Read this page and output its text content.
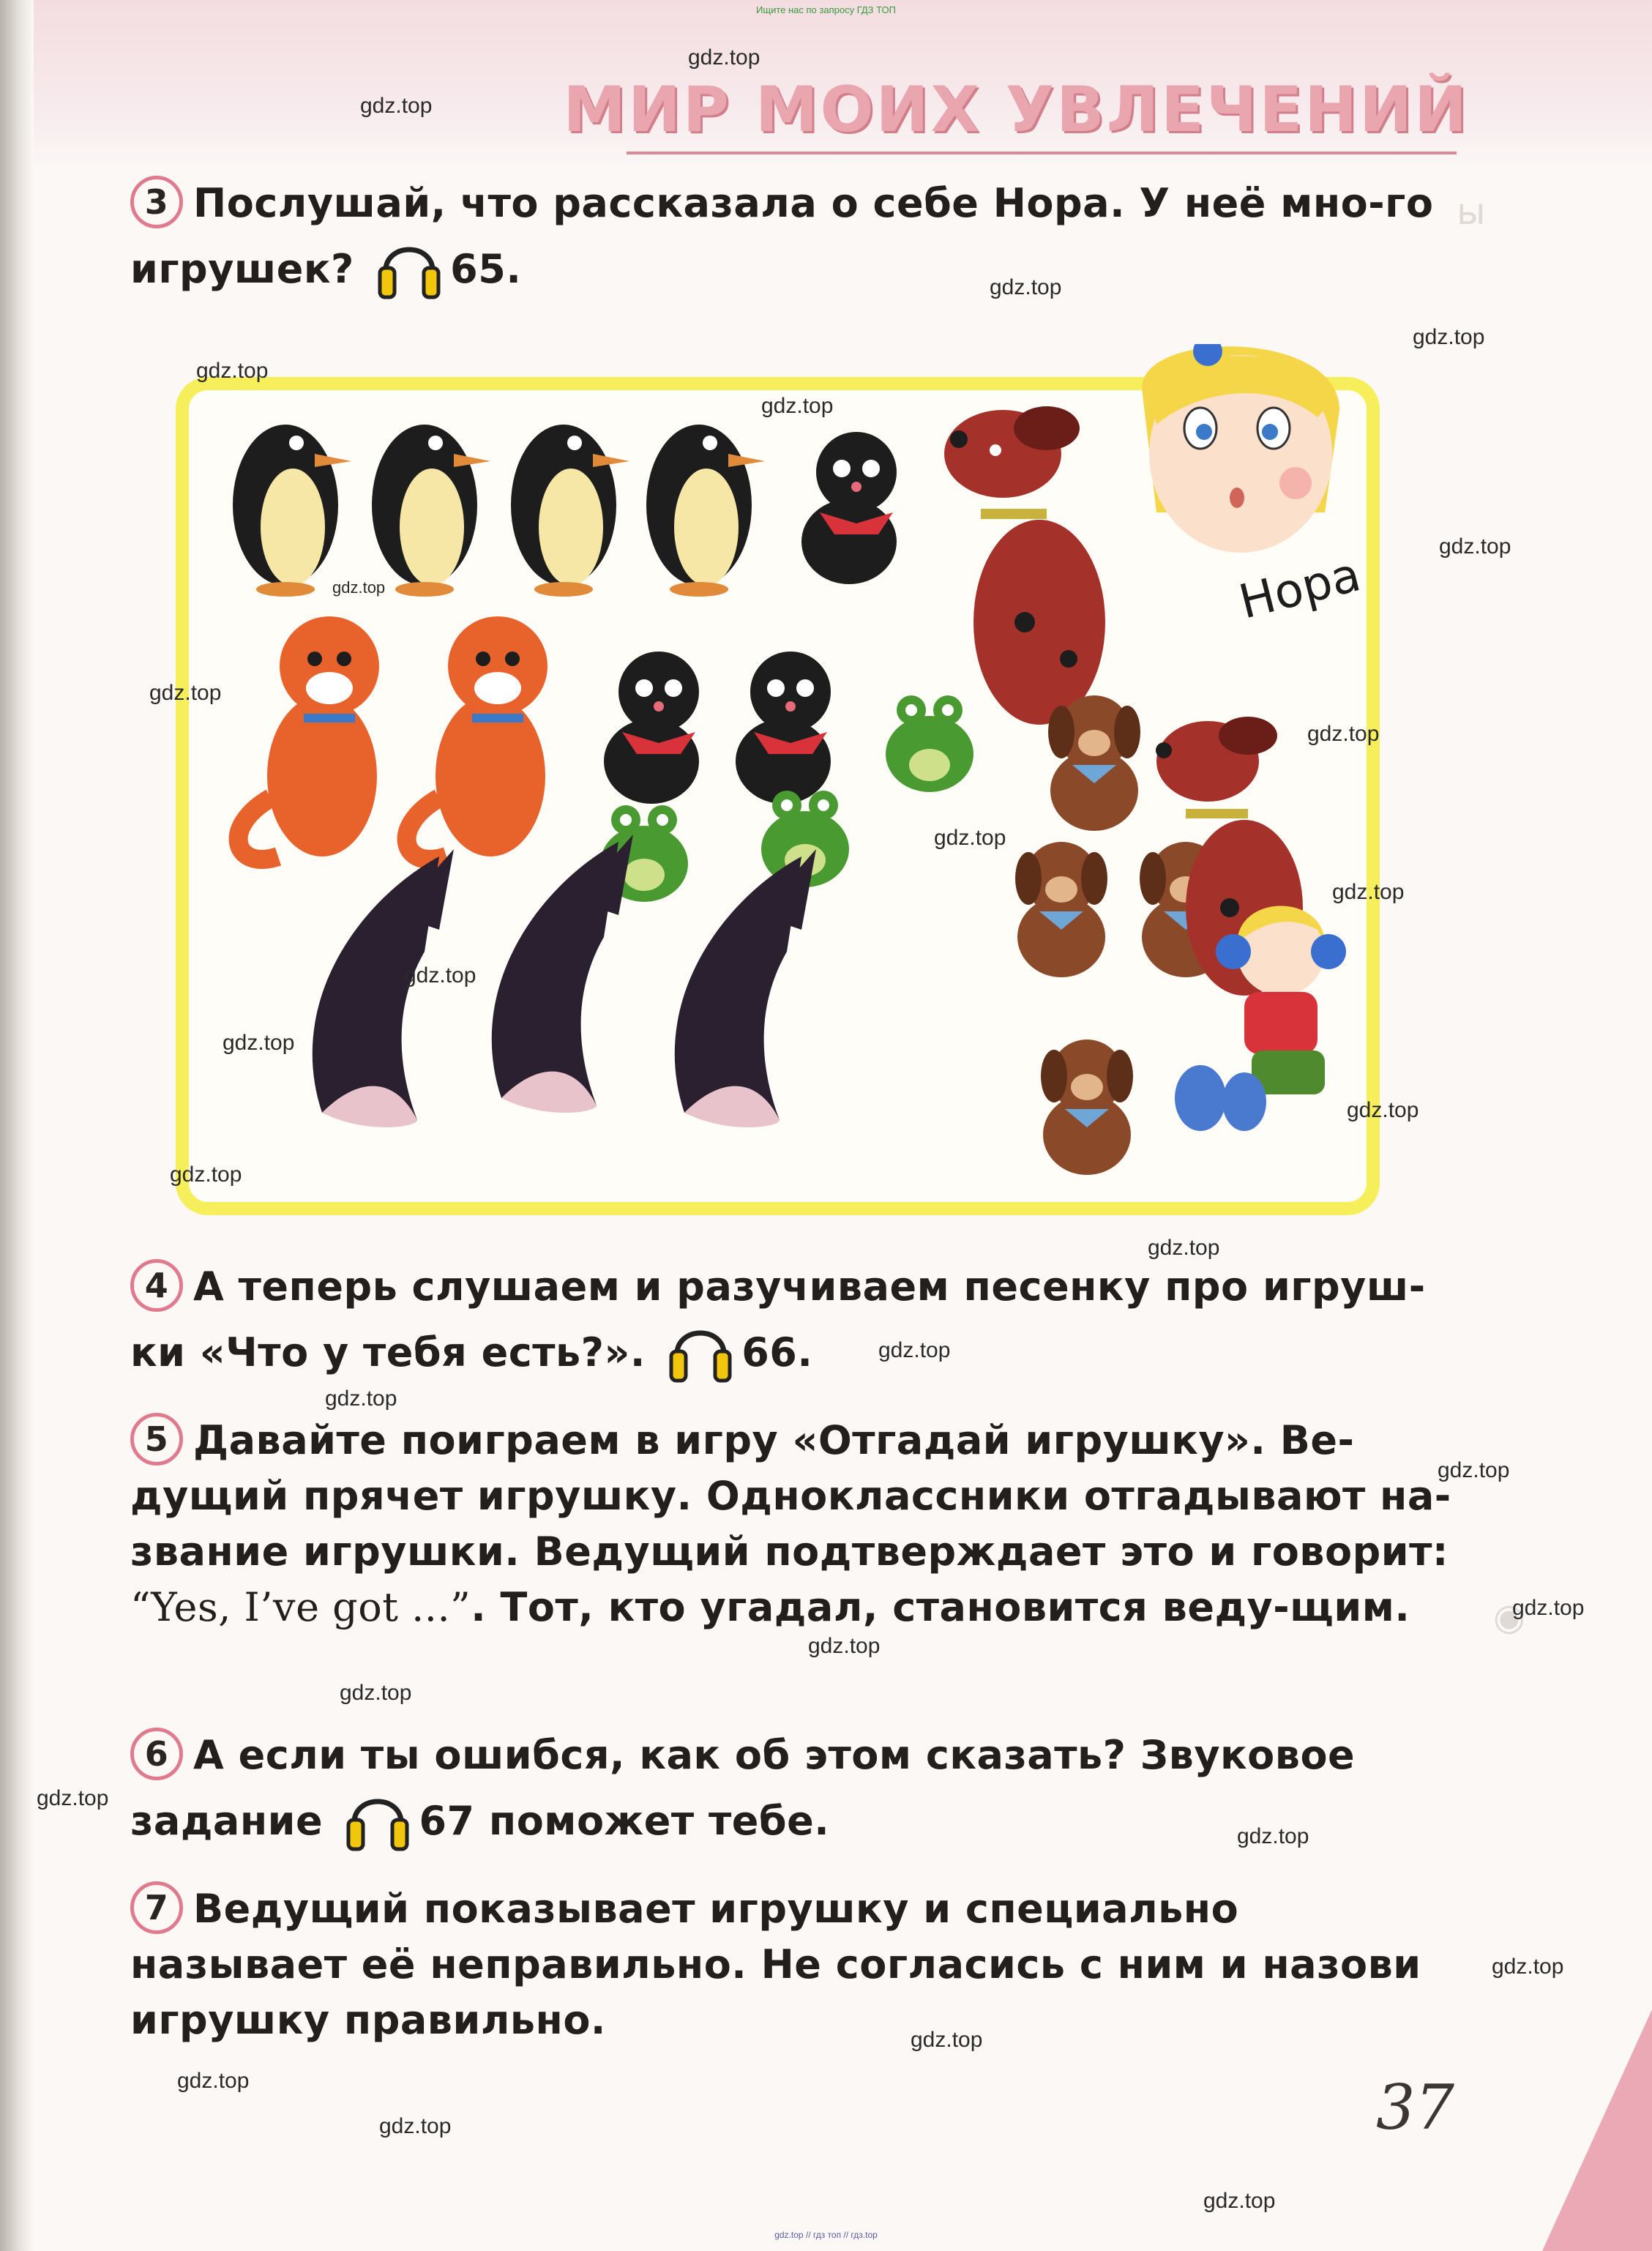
Ищите нас по запросу ГДЗ ТОП
ы
◉
МИР МОИХ УВЛЕЧЕНИЙ
3 Послушай, что рассказала о себе Нора. У неё мно-го игрушек? 65.
Нора
4 А теперь слушаем и разучиваем песенку про игруш-ки «Что у тебя есть?». 66.
5 Давайте поиграем в игру «Отгадай игрушку». Ве-дущий прячет игрушку. Одноклассники отгадывают на-звание игрушки. Ведущий подтверждает это и говорит: “Yes, I’ve got ...”. Тот, кто угадал, становится веду-щим.
6 А если ты ошибся, как об этом сказать? Звуковое задание 67 поможет тебе.
7 Ведущий показывает игрушку и специально называет её неправильно. Не согласись с ним и назови игрушку правильно.
37
gdz.top
gdz.top
gdz.top
gdz.top
gdz.top
gdz.top
gdz.top
gdz.top
gdz.top
gdz.top
gdz.top
gdz.top
gdz.top
gdz.top
gdz.top
gdz.top
gdz.top
gdz.top
gdz.top
gdz.top
gdz.top
gdz.top
gdz.top
gdz.top
gdz.top
gdz.top
gdz.top
gdz.top
gdz.top
gdz.top
gdz.top // гдз топ // гдз.top
